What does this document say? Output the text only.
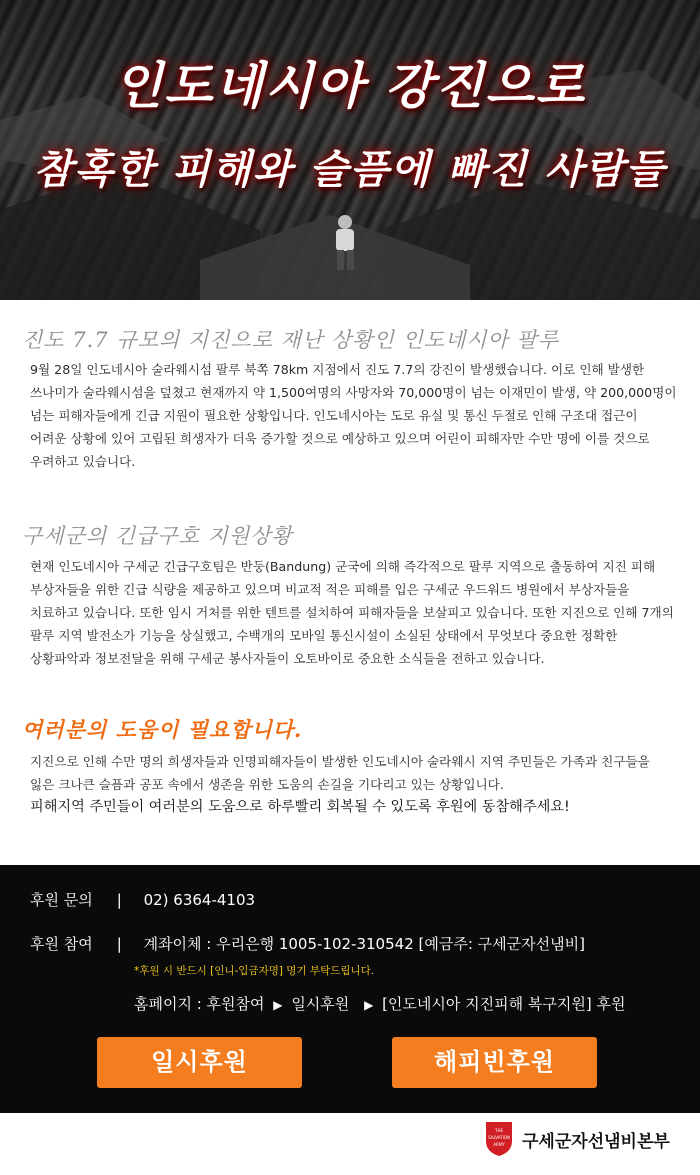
인도네시아 강진으로
참혹한 피해와 슬픔에 빠진 사람들
진도 7.7 규모의 지진으로 재난 상황인 인도네시아 팔루

9월 28일 인도네시아 술라웨시섬 팔루 북쪽 78km 지점에서 진도 7.7의 강진이 발생했습니다. 이로 인해 발생한

쓰나미가 술라웨시섬을 덮쳤고 현재까지 약 1,500여명의 사망자와 70,000명이 넘는 이재민이 발생, 약 200,000명이

넘는 피해자들에게 긴급 지원이 필요한 상황입니다. 인도네시아는 도로 유실 및 통신 두절로 인해 구조대 접근이

어려운 상황에 있어 고립된 희생자가 더욱 증가할 것으로 예상하고 있으며 어린이 피해자만 수만 명에 이를 것으로

우려하고 있습니다.

구세군의 긴급구호 지원상황

현재 인도네시아 구세군 긴급구호팀은 반둥(Bandung) 군국에 의해 즉각적으로 팔루 지역으로 출동하여 지진 피해

부상자들을 위한 긴급 식량을 제공하고 있으며 비교적 적은 피해를 입은 구세군 우드워드 병원에서 부상자들을

치료하고 있습니다. 또한 임시 거처를 위한 텐트를 설치하여 피해자들을 보살피고 있습니다. 또한 지진으로 인해 7개의

팔루 지역 발전소가 기능을 상실했고, 수백개의 모바일 통신시설이 소실된 상태에서 무엇보다 중요한 정확한

상황파악과 정보전달을 위해 구세군 봉사자들이 오토바이로 중요한 소식들을 전하고 있습니다.

여러분의 도움이 필요합니다.

지진으로 인해 수만 명의 희생자들과 인명피해자들이 발생한 인도네시아 술라웨시 지역 주민들은 가족과 친구들을

잃은 크나큰 슬픔과 공포 속에서 생존을 위한 도움의 손길을 기다리고 있는 상황입니다.

피해지역 주민들이 여러분의 도움으로 하루빨리 회복될 수 있도록 후원에 동참해주세요!

후원 문의 | 02) 6364-4103
후원 참여 | 계좌이체 : 우리은행 1005-102-310542 [예금주: 구세군자선냄비]
*후원 시 반드시 [인니-입금자명] 명기 부탁드립니다.
홈페이지 : 후원참여 ▶ 일시후원 ▶ [인도네시아 지진피해 복구지원] 후원
일시후원	해피빈후원
THE
SALVATION
ARMY 구세군자선냄비본부
